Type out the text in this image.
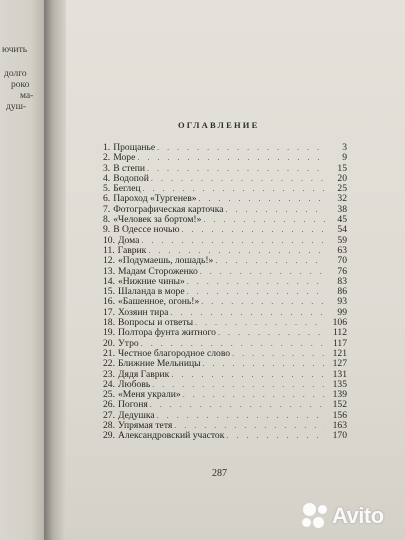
ючить
долго
роко
ма-
душ-
ОГЛАВЛЕНИЕ
1. Прощанье . . .	3
2. Море . . .	9
3. В степи . . .	15
4. Водопой . . .	20
5. Беглец . . .	25
6. Пароход «Тургенев» . . .	32
7. Фотографическая карточка . . .	38
8. «Человек за бортом!» . . .	45
9. В Одессе ночью . . .	54
10. Дома . . .	59
11. Гаврик . . .	63
12. «Подумаешь, лошадь!» . . .	70
13. Мадам Стороженко . . .	76
14. «Нижние чины» . . .	83
15. Шаланда в море . . .	86
16. «Башенное, огонь!» . . .	93
17. Хозяин тира . . .	99
18. Вопросы и ответы . . .	106
19. Полтора фунта житного . . .	112
20. Утро . . .	117
21. Честное благородное слово . . .	121
22. Ближние Мельницы . . .	127
23. Дядя Гаврик . . .	131
24. Любовь . . .	135
25. «Меня украли» . . .	139
26. Погоня . . .	152
27. Дедушка . . .	156
28. Упрямая тетя . . .	163
29. Александровский участок . . .	170
287
Avito
